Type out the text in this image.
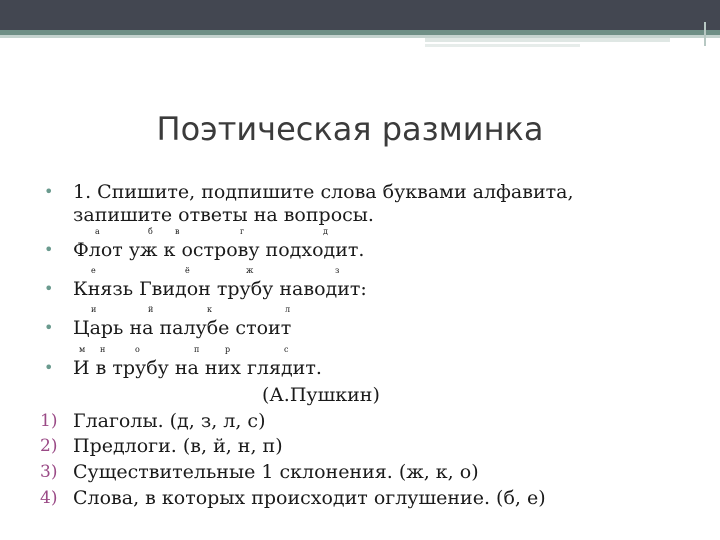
Поэтическая разминка
• 1. Спишите, подпишите слова буквами алфавита,
запишите ответы на вопросы.
а	б	в	г	д
• Флот уж к острову подходит.
е	ё	ж	з
• Князь Гвидон трубу наводит:
и	й	к	л
• Царь на палубе стоит
м н	о	п	р	с
• И в трубу на них глядит.
(А.Пушкин)
1) Глаголы. (д, з, л, с)
2) Предлоги. (в, й, н, п)
3) Существительные 1 склонения. (ж, к, о)
4) Слова, в которых происходит оглушение. (б, е)
